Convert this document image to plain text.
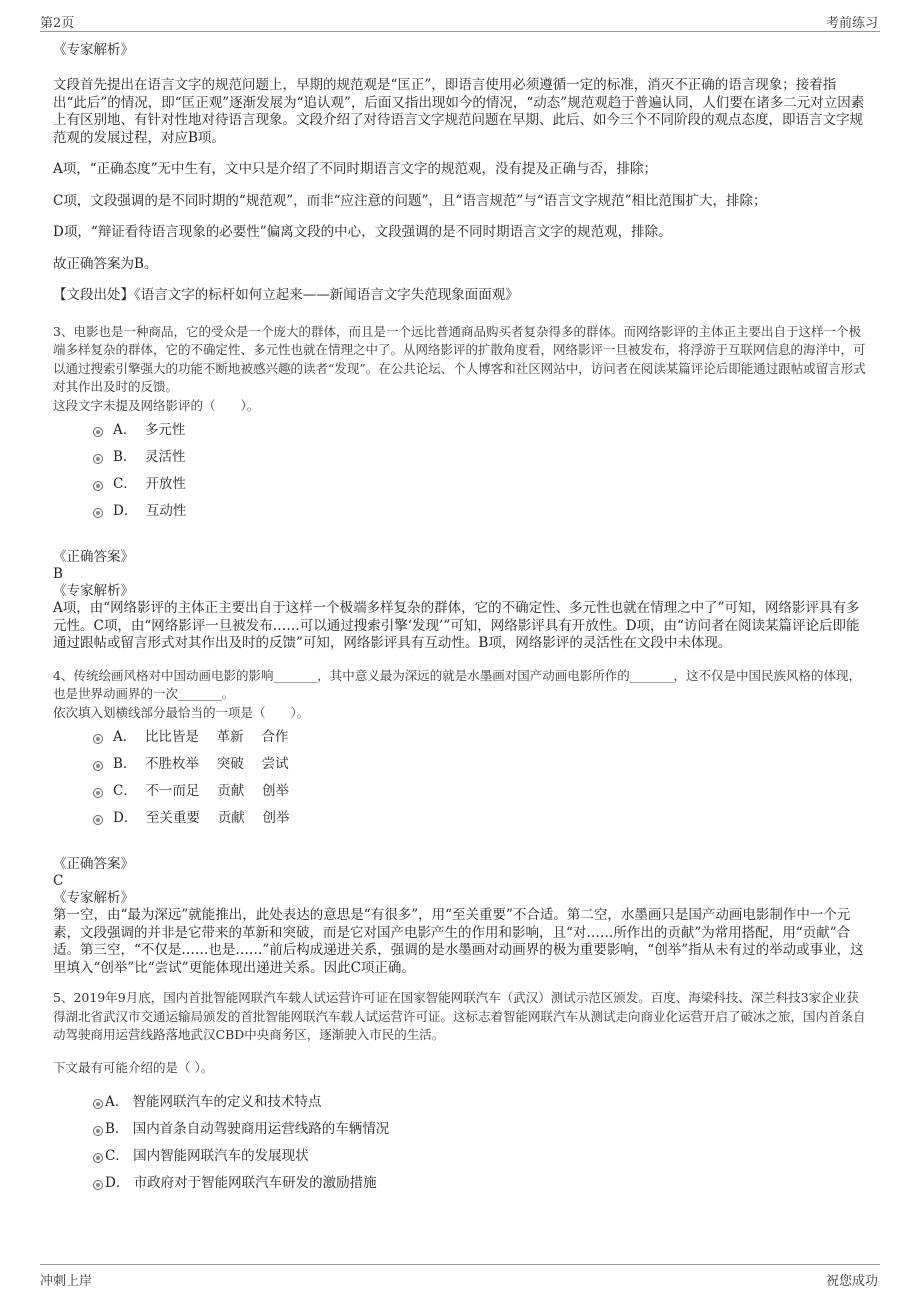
第2页	考前练习
《专家解析》
文段首先提出在语言文字的规范问题上，早期的规范观是“匡正”，即语言使用必须遵循一定的标准，消灭不正确的语言现象；接着指出“此后”的情况，即“匡正观”逐渐发展为“追认观”，后面又指出现如今的情况，“动态”规范观趋于普遍认同，人们要在诸多二元对立因素上有区别地、有针对性地对待语言现象。文段介绍了对待语言文字规范问题在早期、此后、如今三个不同阶段的观点态度，即语言文字规范观的发展过程，对应B项。
A项，“正确态度”无中生有，文中只是介绍了不同时期语言文字的规范观，没有提及正确与否，排除；
C项，文段强调的是不同时期的“规范观”，而非“应注意的问题”，且“语言规范”与“语言文字规范”相比范围扩大，排除；
D项，“辩证看待语言现象的必要性”偏离文段的中心，文段强调的是不同时期语言文字的规范观，排除。
故正确答案为B。
【文段出处】《语言文字的标杆如何立起来——新闻语言文字失范现象面面观》
3、电影也是一种商品，它的受众是一个庞大的群体，而且是一个远比普通商品购买者复杂得多的群体。而网络影评的主体正主要出自于这样一个极端多样复杂的群体，它的不确定性、多元性也就在情理之中了。从网络影评的扩散角度看，网络影评一旦被发布，将浮游于互联网信息的海洋中，可以通过搜索引擎强大的功能不断地被感兴趣的读者“发现”。在公共论坛、个人博客和社区网站中，访问者在阅读某篇评论后即能通过跟帖或留言形式对其作出及时的反馈。
这段文字未提及网络影评的（　　）。
A． 多元性
B． 灵活性
C． 开放性
D． 互动性
《正确答案》
B
《专家解析》
A项，由“网络影评的主体正主要出自于这样一个极端多样复杂的群体，它的不确定性、多元性也就在情理之中了”可知，网络影评具有多元性。C项，由“网络影评一旦被发布……可以通过搜索引擎‘发现’”可知，网络影评具有开放性。D项，由“访问者在阅读某篇评论后即能通过跟帖或留言形式对其作出及时的反馈”可知，网络影评具有互动性。B项，网络影评的灵活性在文段中未体现。
4、传统绘画风格对中国动画电影的影响_______，其中意义最为深远的就是水墨画对国产动画电影所作的_______，这不仅是中国民族风格的体现，也是世界动画界的一次_______。
依次填入划横线部分最恰当的一项是（　　）。
A． 比比皆是　 革新　 合作
B． 不胜枚举　 突破　 尝试
C． 不一而足　 贡献　 创举
D． 至关重要　 贡献　 创举
《正确答案》
C
《专家解析》
第一空，由“最为深远”就能推出，此处表达的意思是“有很多”，用“至关重要”不合适。第二空，水墨画只是国产动画电影制作中一个元素，文段强调的并非是它带来的革新和突破，而是它对国产电影产生的作用和影响，且“对……所作出的贡献”为常用搭配，用“贡献”合适。第三空，“不仅是……也是……”前后构成递进关系，强调的是水墨画对动画界的极为重要影响，“创举”指从未有过的举动或事业，这里填入“创举”比“尝试”更能体现出递进关系。因此C项正确。
5、2019年9月底，国内首批智能网联汽车载人试运营许可证在国家智能网联汽车（武汉）测试示范区颁发。百度、海梁科技、深兰科技3家企业获得湖北省武汉市交通运输局颁发的首批智能网联汽车载人试运营许可证。这标志着智能网联汽车从测试走向商业化运营开启了破冰之旅，国内首条自动驾驶商用运营线路落地武汉CBD中央商务区，逐渐驶入市民的生活。
下文最有可能介绍的是（ ）。
A． 智能网联汽车的定义和技术特点
B． 国内首条自动驾驶商用运营线路的车辆情况
C． 国内智能网联汽车的发展现状
D． 市政府对于智能网联汽车研发的激励措施
冲刺上岸	祝您成功
